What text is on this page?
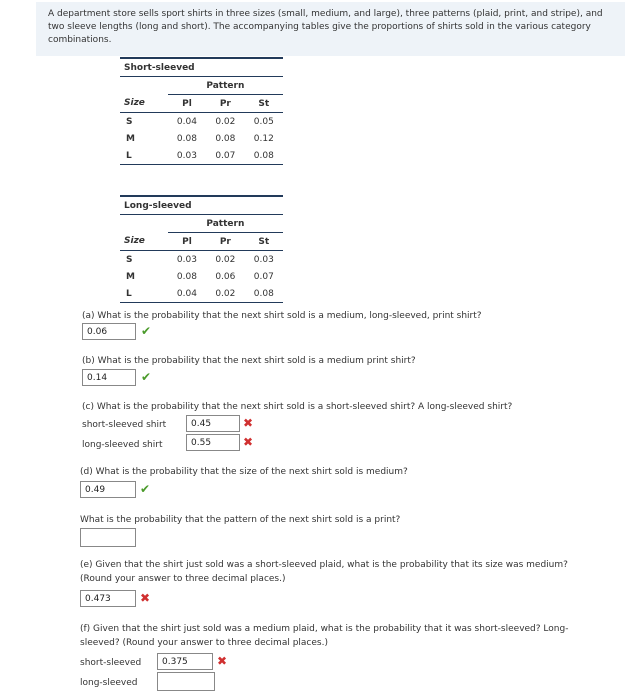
A department store sells sport shirts in three sizes (small, medium, and large), three patterns (plaid, print, and stripe), and two sleeve lengths (long and short). The accompanying tables give the proportions of shirts sold in the various category combinations.

Short-sleeved			
	Pattern		
Size	Pl	Pr	St
S	0.04	0.02	0.05
M	0.08	0.08	0.12
L	0.03	0.07	0.08
Long-sleeved			
	Pattern		
Size	Pl	Pr	St
S	0.03	0.02	0.03
M	0.08	0.06	0.07
L	0.04	0.02	0.08
(a) What is the probability that the next shirt sold is a medium, long-sleeved, print shirt?
0.06	✔
(b) What is the probability that the next shirt sold is a medium print shirt?
0.14	✔
(c) What is the probability that the next shirt sold is a short-sleeved shirt? A long-sleeved shirt?
short-sleeved shirt	0.45	✖
long-sleeved shirt	0.55	✖
(d) What is the probability that the size of the next shirt sold is medium?
0.49	✔
What is the probability that the pattern of the next shirt sold is a print?
(e) Given that the shirt just sold was a short-sleeved plaid, what is the probability that its size was medium?
(Round your answer to three decimal places.)
0.473	✖
(f) Given that the shirt just sold was a medium plaid, what is the probability that it was short-sleeved? Long-
sleeved? (Round your answer to three decimal places.)
short-sleeved	0.375	✖
long-sleeved
